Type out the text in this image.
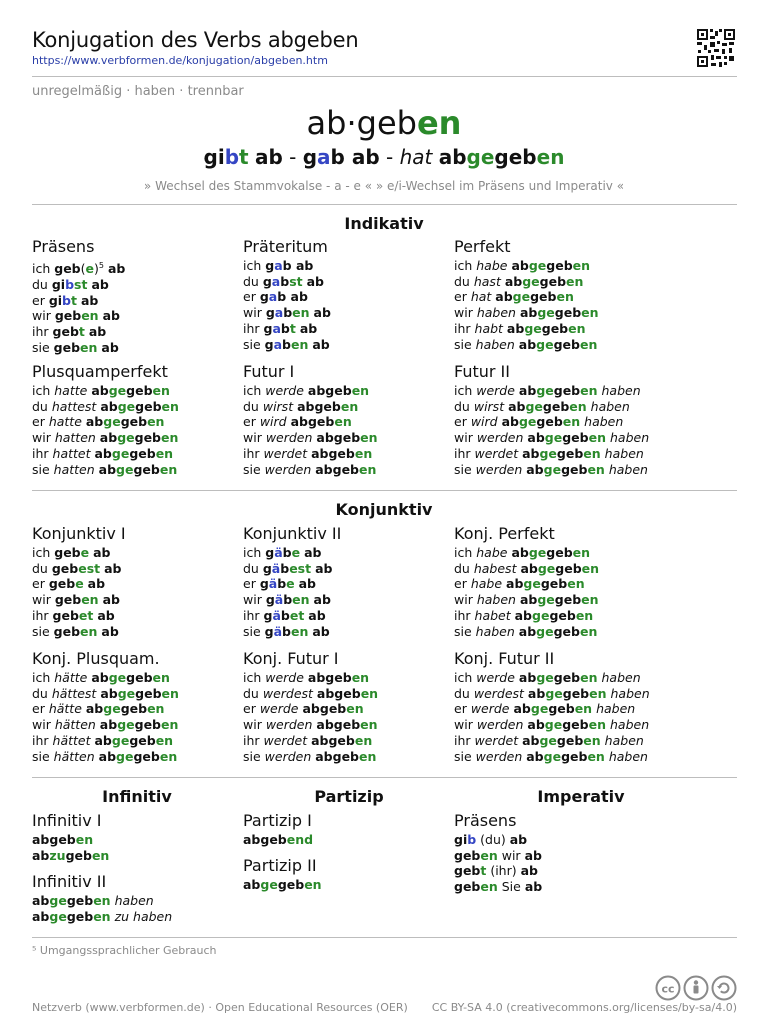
Konjugation des Verbs abgeben
https://www.verbformen.de/konjugation/abgeben.htm
unregelmäßig · haben · trennbar
ab·geben
gibt ab - gab ab - hat abgegeben
» Wechsel des Stammvokalse - a - e « » e/i-Wechsel im Präsens und Imperativ «
Indikativ
Präsens
ich $geb(e)^5$ ab
du gibst ab
er gibt ab
wir geben ab
ihr gebt ab
sie geben ab
Präteritum
ich gab ab
du gabst ab
er gab ab
wir gaben ab
ihr gabt ab
sie gaben ab
Perfekt
ich habe abgegeben
du hast abgegeben
er hat abgegeben
wir haben abgegeben
ihr habt abgegeben
sie haben abgegeben
Plusquamperfekt
ich hatte abgegeben
du hattest abgegeben
er hatte abgegeben
wir hatten abgegeben
ihr hattet abgegeben
sie hatten abgegeben
Futur I
ich werde abgeben
du wirst abgeben
er wird abgeben
wir werden abgeben
ihr werdet abgeben
sie werden abgeben
Futur II
ich werde abgegeben haben
du wirst abgegeben haben
er wird abgegeben haben
wir werden abgegeben haben
ihr werdet abgegeben haben
sie werden abgegeben haben
Konjunktiv
Konjunktiv I
ich gebe ab
du gebest ab
er gebe ab
wir geben ab
ihr gebet ab
sie geben ab
Konjunktiv II
ich gäbe ab
du gäbest ab
er gäbe ab
wir gäben ab
ihr gäbet ab
sie gäben ab
Konj. Perfekt
ich habe abgegeben
du habest abgegeben
er habe abgegeben
wir haben abgegeben
ihr habet abgegeben
sie haben abgegeben
Konj. Plusquam.
ich hätte abgegeben
du hättest abgegeben
er hätte abgegeben
wir hätten abgegeben
ihr hättet abgegeben
sie hätten abgegeben
Konj. Futur I
ich werde abgeben
du werdest abgeben
er werde abgeben
wir werden abgeben
ihr werdet abgeben
sie werden abgeben
Konj. Futur II
ich werde abgegeben haben
du werdest abgegeben haben
er werde abgegeben haben
wir werden abgegeben haben
ihr werdet abgegeben haben
sie werden abgegeben haben
Infinitiv	Partizip	Imperativ
Infinitiv I
abgeben
abzugeben
Infinitiv II
abgegeben haben
abgegeben zu haben
Partizip I
abgebend
Partizip II
abgegeben
Präsens
gib (du) ab
geben wir ab
gebt (ihr) ab
geben Sie ab
⁵ Umgangssprachlicher Gebrauch
cc
Netzverb (www.verbformen.de) · Open Educational Resources (OER) CC BY-SA 4.0 (creativecommons.org/licenses/by-sa/4.0)
